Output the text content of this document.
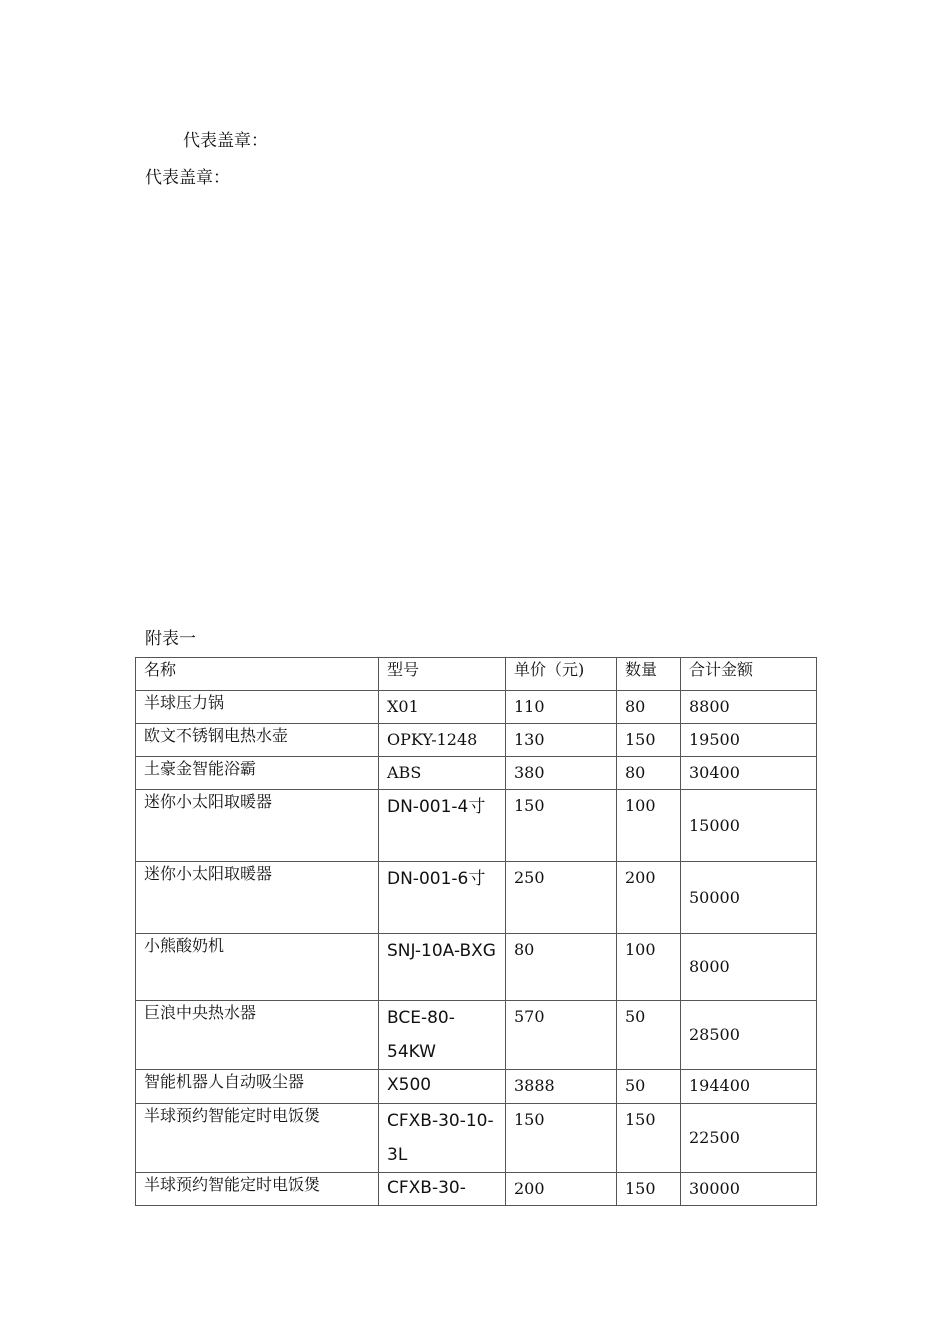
代表盖章：
代表盖章：
附表一
名称	型号	单价（元)	数量	合计金额
半球压力锅	X01	110	80	8800
欧文不锈钢电热水壶	OPKY-1248	130	150	19500
土豪金智能浴霸	ABS	380	80	30400
迷你小太阳取暖器	DN-001-4寸	150	100	15000
迷你小太阳取暖器	DN-001-6寸	250	200	50000
小熊酸奶机	SNJ-10A-BXG	80	100	8000
巨浪中央热水器	BCE-80-54KW	570	50	28500
智能机器人自动吸尘器	X500	3888	50	194400
半球预约智能定时电饭煲	CFXB-30-10-3L	150	150	22500
半球预约智能定时电饭煲	CFXB-30-	200	150	30000
